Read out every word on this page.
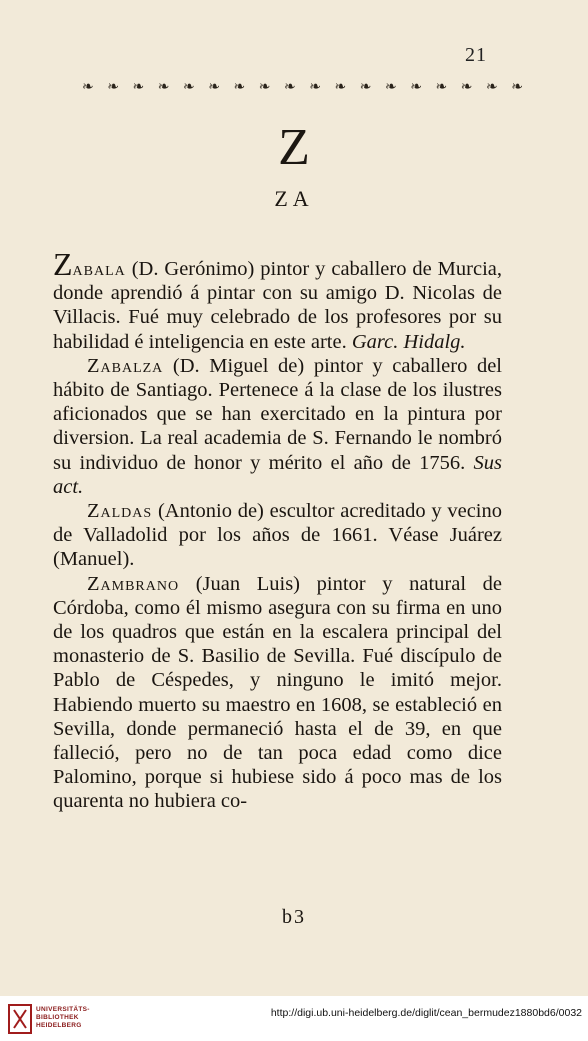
21
❧ ❧ ❧ ❧ ❧ ❧ ❧ ❧ ❧ ❧ ❧ ❧ ❧ ❧ ❧ ❧ ❧ ❧
Z
ZA

Zabala (D. Gerónimo) pintor y caballero de Murcia, donde aprendió á pintar con su amigo D. Nicolas de Villacis. Fué muy celebrado de los profesores por su habilidad é inteligencia en este arte. Garc. Hidalg.

Zabalza (D. Miguel de) pintor y caballero del hábito de Santiago. Pertenece á la clase de los ilustres aficionados que se han exercitado en la pintura por diversion. La real academia de S. Fernando le nombró su individuo de honor y mérito el año de 1756. Sus act.

Zaldas (Antonio de) escultor acreditado y vecino de Valladolid por los años de 1661. Véase Juárez (Manuel).

Zambrano (Juan Luis) pintor y natural de Córdoba, como él mismo asegura con su firma en uno de los quadros que están en la escalera principal del monasterio de S. Basilio de Sevilla. Fué discípulo de Pablo de Céspedes, y ninguno le imitó mejor. Habiendo muerto su maestro en 1608, se estableció en Sevilla, donde permaneció hasta el de 39, en que falleció, pero no de tan poca edad como dice Palomino, porque si hubiese sido á poco mas de los quarenta no hubiera co-

b3
UNIVERSITÄTS-
BIBLIOTHEK
HEIDELBERG
http://digi.ub.uni-heidelberg.de/diglit/cean_bermudez1880bd6/0032
